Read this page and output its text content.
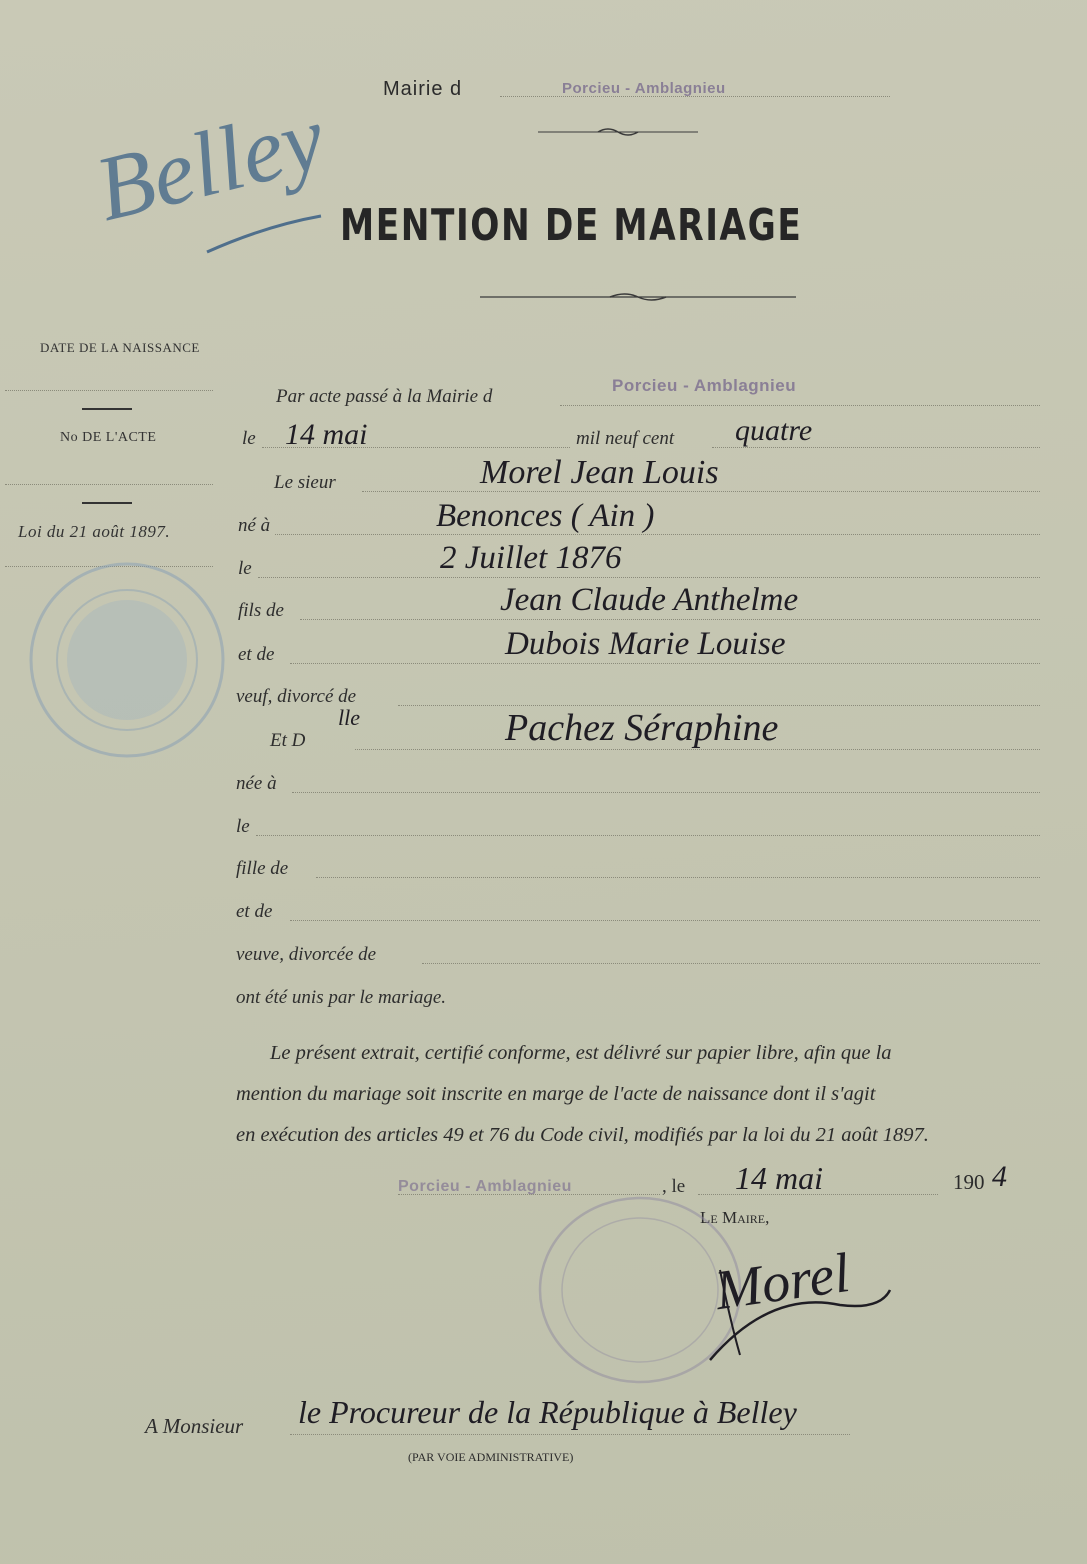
Mairie d	Porcieu - Amblagnieu
Belley MENTION DE MARIAGE
DATE DE LA NAISSANCE
No DE L'ACTE
Loi du 21 août 1897.
Par acte passé à la Mairie d
Porcieu - Amblagnieu
le 14 mai	mil neuf cent quatre
Le sieur	Morel Jean Louis
né à	Benonces ( Ain )
le	2 Juillet 1876
fils de	Jean Claude Anthelme
et de	Dubois Marie Louise
veuf, divorcé de
Et D
lle	Pachez Séraphine
née à
le
fille de
et de
veuve, divorcée de
ont été unis par le mariage.
Le présent extrait, certifié conforme, est délivré sur papier libre, afin que la
mention du mariage soit inscrite en marge de l'acte de naissance dont il s'agit
en exécution des articles 49 et 76 du Code civil, modifiés par la loi du 21 août 1897.
Porcieu - Amblagnieu	, le 14 mai	190 4
Le Maire,
Morel
A Monsieur le Procureur de la République à Belley
(PAR VOIE ADMINISTRATIVE)
